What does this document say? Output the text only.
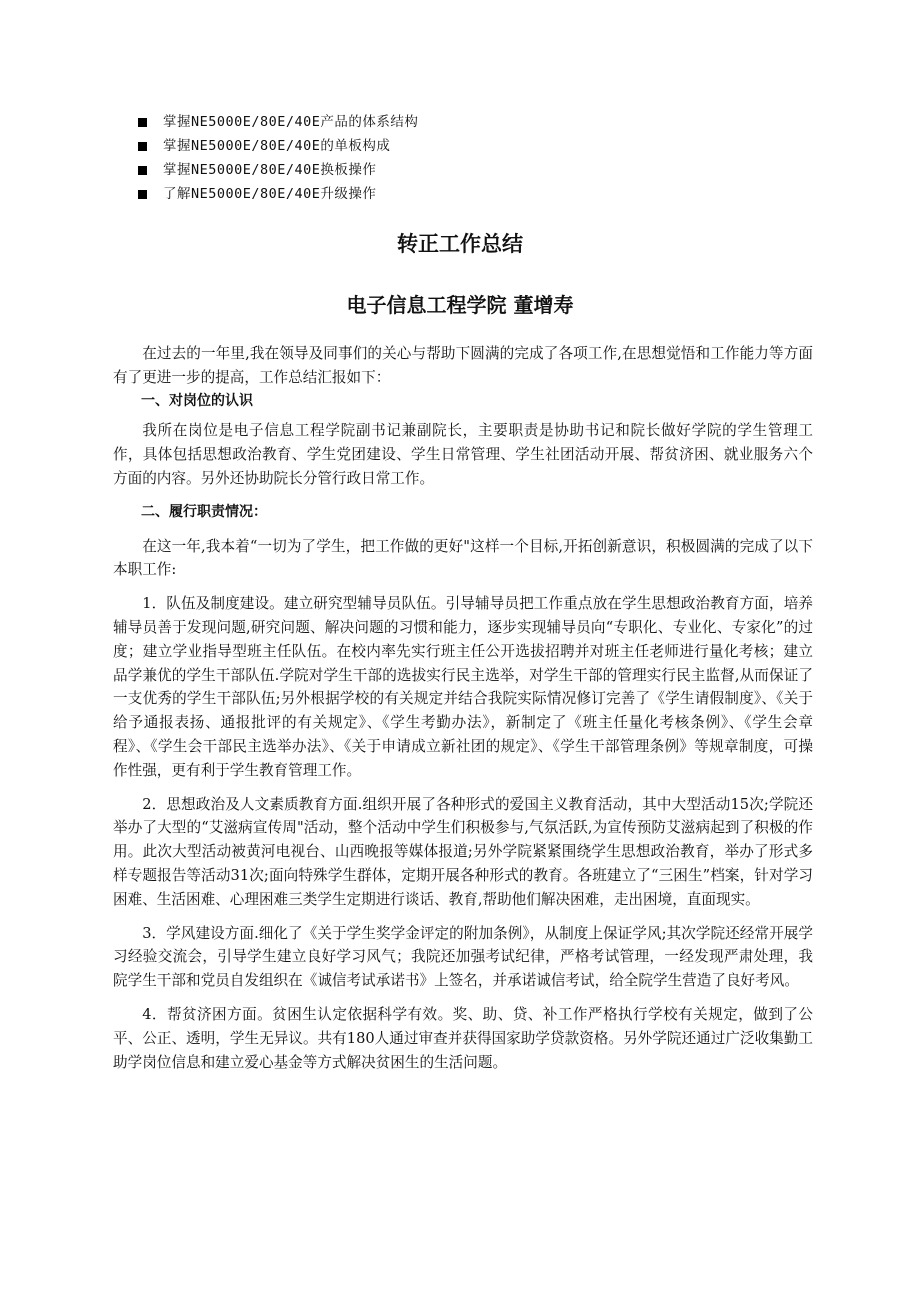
掌握NE5000E/80E/40E产品的体系结构
掌握NE5000E/80E/40E的单板构成
掌握NE5000E/80E/40E换板操作
了解NE5000E/80E/40E升级操作
转正工作总结
电子信息工程学院 董增寿

在过去的一年里,我在领导及同事们的关心与帮助下圆满的完成了各项工作,在思想觉悟和工作能力等方面有了更进一步的提高，工作总结汇报如下：

一、对岗位的认识

我所在岗位是电子信息工程学院副书记兼副院长，主要职责是协助书记和院长做好学院的学生管理工作，具体包括思想政治教育、学生党团建设、学生日常管理、学生社团活动开展、帮贫济困、就业服务六个方面的内容。另外还协助院长分管行政日常工作。

二、履行职责情况：

在这一年,我本着“一切为了学生，把工作做的更好"这样一个目标,开拓创新意识，积极圆满的完成了以下本职工作:

1．队伍及制度建设。建立研究型辅导员队伍。引导辅导员把工作重点放在学生思想政治教育方面，培养辅导员善于发现问题,研究问题、解决问题的习惯和能力，逐步实现辅导员向“专职化、专业化、专家化”的过度；建立学业指导型班主任队伍。在校内率先实行班主任公开选拔招聘并对班主任老师进行量化考核；建立品学兼优的学生干部队伍.学院对学生干部的选拔实行民主选举，对学生干部的管理实行民主监督,从而保证了一支优秀的学生干部队伍;另外根据学校的有关规定并结合我院实际情况修订完善了《学生请假制度》、《关于给予通报表扬、通报批评的有关规定》、《学生考勤办法》，新制定了《班主任量化考核条例》、《学生会章程》、《学生会干部民主选举办法》、《关于申请成立新社团的规定》、《学生干部管理条例》等规章制度，可操作性强，更有利于学生教育管理工作。

2．思想政治及人文素质教育方面.组织开展了各种形式的爱国主义教育活动，其中大型活动15次;学院还举办了大型的“艾滋病宣传周"活动，整个活动中学生们积极参与,气氛活跃,为宣传预防艾滋病起到了积极的作用。此次大型活动被黄河电视台、山西晚报等媒体报道;另外学院紧紧围绕学生思想政治教育，举办了形式多样专题报告等活动31次;面向特殊学生群体，定期开展各种形式的教育。各班建立了“三困生”档案，针对学习困难、生活困难、心理困难三类学生定期进行谈话、教育,帮助他们解决困难，走出困境，直面现实。

3．学风建设方面.细化了《关于学生奖学金评定的附加条例》，从制度上保证学风;其次学院还经常开展学习经验交流会，引导学生建立良好学习风气；我院还加强考试纪律，严格考试管理，一经发现严肃处理，我院学生干部和党员自发组织在《诚信考试承诺书》上签名，并承诺诚信考试，给全院学生营造了良好考风。

4．帮贫济困方面。贫困生认定依据科学有效。奖、助、贷、补工作严格执行学校有关规定，做到了公平、公正、透明，学生无异议。共有180人通过审查并获得国家助学贷款资格。另外学院还通过广泛收集勤工助学岗位信息和建立爱心基金等方式解决贫困生的生活问题。
